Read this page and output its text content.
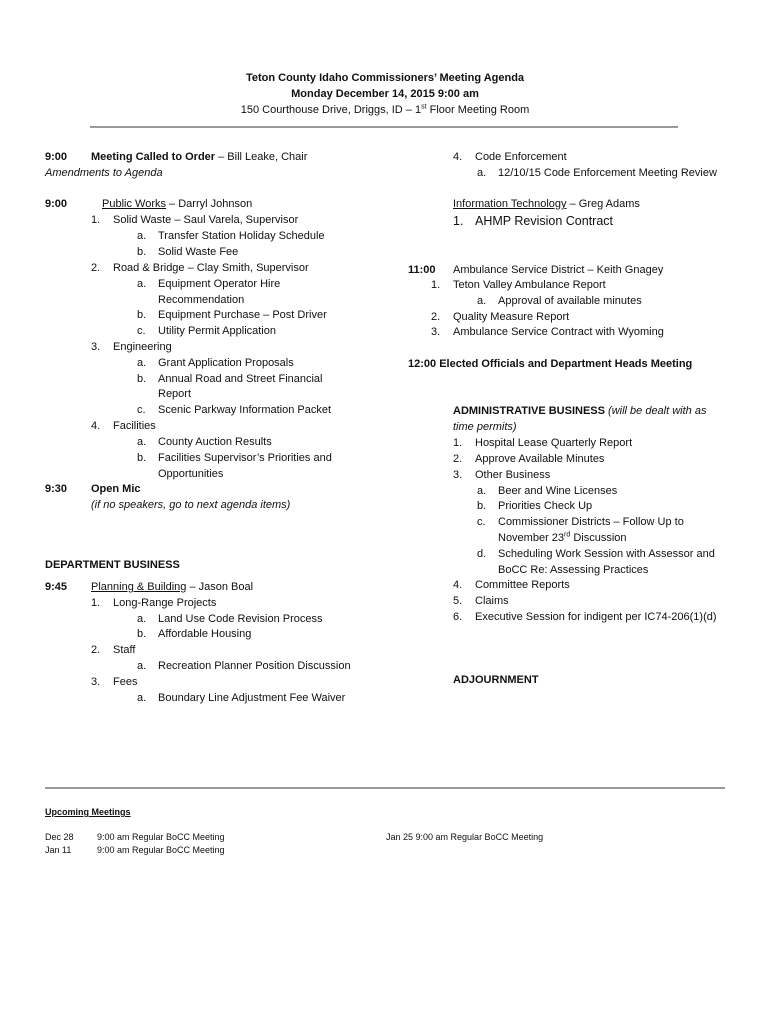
Teton County Idaho Commissioners’ Meeting Agenda
Monday December 14, 2015 9:00 am
150 Courthouse Drive, Driggs, ID – 1st Floor Meeting Room
9:00 Meeting Called to Order – Bill Leake, Chair
Amendments to Agenda
9:00	Public Works – Darryl Johnson
1. Solid Waste – Saul Varela, Supervisor
a. Transfer Station Holiday Schedule
b. Solid Waste Fee
2. Road & Bridge – Clay Smith, Supervisor
a. Equipment Operator Hire
Recommendation
b. Equipment Purchase – Post Driver
c. Utility Permit Application
3. Engineering
a. Grant Application Proposals
b. Annual Road and Street Financial
Report
c. Scenic Parkway Information Packet
4. Facilities
a. County Auction Results
b. Facilities Supervisor’s Priorities and
Opportunities
9:30 Open Mic
(if no speakers, go to next agenda items)
DEPARTMENT BUSINESS
9:45 Planning & Building – Jason Boal
1. Long-Range Projects
a. Land Use Code Revision Process
b. Affordable Housing
2. Staff
a. Recreation Planner Position Discussion
3. Fees
a. Boundary Line Adjustment Fee Waiver
4. Code Enforcement
a. 12/10/15 Code Enforcement Meeting Review
Information Technology – Greg Adams
1. AHMP Revision Contract
11:00 Ambulance Service District – Keith Gnagey
1. Teton Valley Ambulance Report
a. Approval of available minutes
2. Quality Measure Report
3. Ambulance Service Contract with Wyoming
12:00 Elected Officials and Department Heads Meeting
ADMINISTRATIVE BUSINESS (will be dealt with as
time permits)
1. Hospital Lease Quarterly Report
2. Approve Available Minutes
3. Other Business
a. Beer and Wine Licenses
b. Priorities Check Up
c. Commissioner Districts – Follow Up to
November 23rd Discussion
d. Scheduling Work Session with Assessor and
BoCC Re: Assessing Practices
4. Committee Reports
5. Claims
6. Executive Session for indigent per IC74-206(1)(d)
ADJOURNMENT
Upcoming Meetings
Dec 28	9:00 am Regular BoCC Meeting
Jan 11	9:00 am Regular BoCC Meeting
Jan 25 9:00 am Regular BoCC Meeting
